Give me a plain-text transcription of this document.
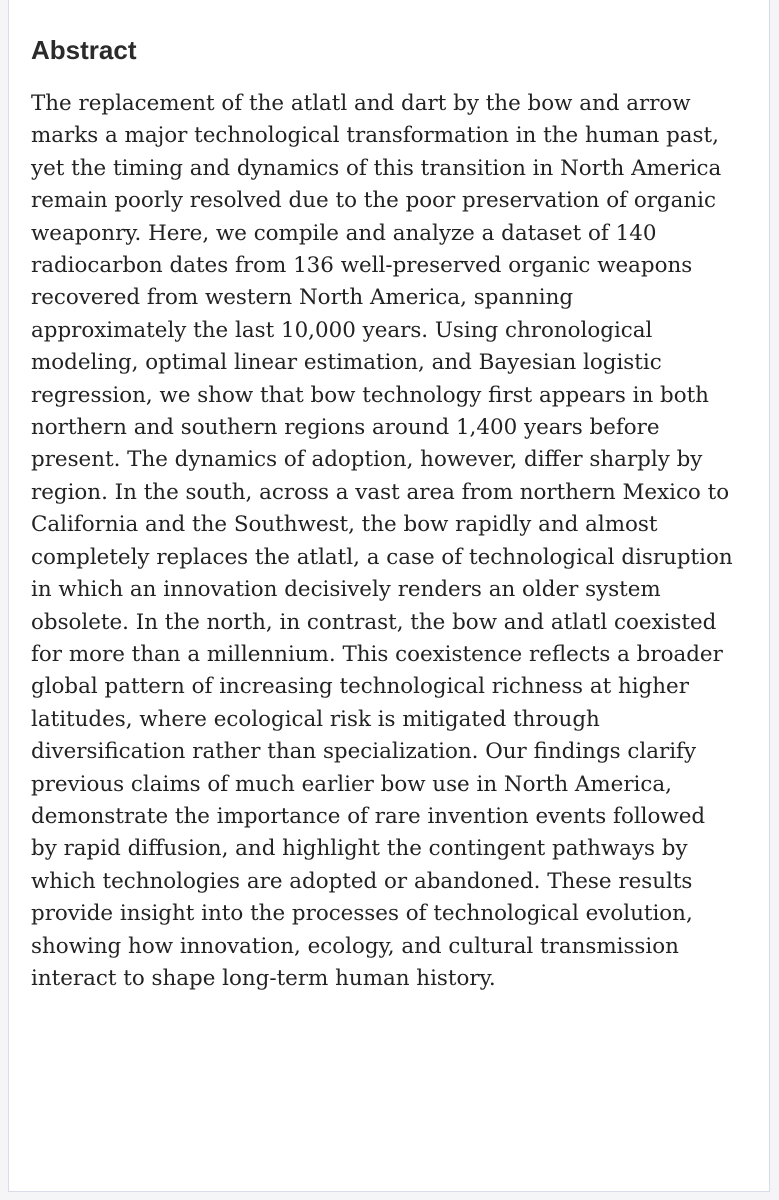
Abstract

The replacement of the atlatl and dart by the bow and arrow
marks a major technological transformation in the human past,
yet the timing and dynamics of this transition in North America
remain poorly resolved due to the poor preservation of organic
weaponry. Here, we compile and analyze a dataset of 140
radiocarbon dates from 136 well-preserved organic weapons
recovered from western North America, spanning
approximately the last 10,000 years. Using chronological
modeling, optimal linear estimation, and Bayesian logistic
regression, we show that bow technology first appears in both
northern and southern regions around 1,400 years before
present. The dynamics of adoption, however, differ sharply by
region. In the south, across a vast area from northern Mexico to
California and the Southwest, the bow rapidly and almost
completely replaces the atlatl, a case of technological disruption
in which an innovation decisively renders an older system
obsolete. In the north, in contrast, the bow and atlatl coexisted
for more than a millennium. This coexistence reflects a broader
global pattern of increasing technological richness at higher
latitudes, where ecological risk is mitigated through
diversification rather than specialization. Our findings clarify
previous claims of much earlier bow use in North America,
demonstrate the importance of rare invention events followed
by rapid diffusion, and highlight the contingent pathways by
which technologies are adopted or abandoned. These results
provide insight into the processes of technological evolution,
showing how innovation, ecology, and cultural transmission
interact to shape long-term human history.
